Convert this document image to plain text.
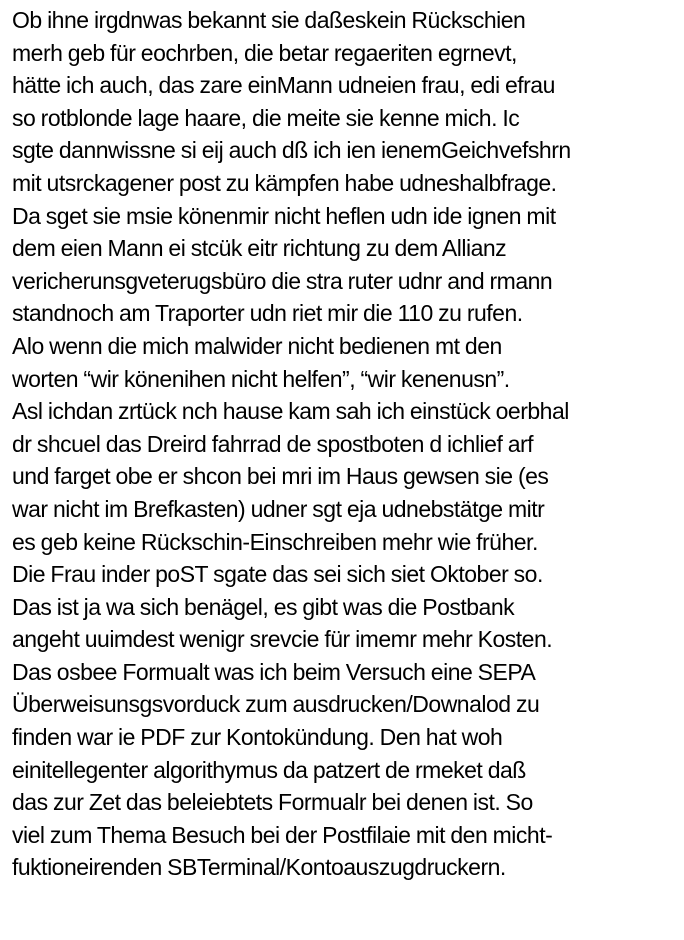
Ob ihne irgdnwas bekannt sie daßeskein Rückschien
merh geb für eochrben, die betar regaeriten egrnevt,
hätte ich auch, das zare einMann udneien frau, edi efrau
so rotblonde lage haare, die meite sie kenne mich. Ic
sgte dannwissne si eij auch dß ich ien ienemGeichvefshrn
mit utsrckagener post zu kämpfen habe udneshalbfrage.
Da sget sie msie könenmir nicht heflen udn ide ignen mit
dem eien Mann ei stcük eitr richtung zu dem Allianz
vericherunsgveterugsbüro die stra ruter udnr and rmann
standnoch am Traporter udn riet mir die 110 zu rufen.
Alo wenn die mich malwider nicht bedienen mt den
worten “wir könenihen nicht helfen”, “wir kenenusn”.
Asl ichdan zrtück nch hause kam sah ich einstück oerbhal
dr shcuel das Dreird fahrrad de spostboten d ichlief arf
und farget obe er shcon bei mri im Haus gewsen sie (es
war nicht im Brefkasten) udner sgt eja udnebstätge mitr
es geb keine Rückschin-Einschreiben mehr wie früher.
Die Frau inder poST sgate das sei sich siet Oktober so.
Das ist ja wa sich benägel, es gibt was die Postbank
angeht uuimdest wenigr srevcie für imemr mehr Kosten.
Das osbee Formualt was ich beim Versuch eine SEPA
Überweisunsgsvorduck zum ausdrucken/Downalod zu
finden war ie PDF zur Kontokündung. Den hat woh
einitellegenter algorithymus da patzert de rmeket daß
das zur Zet das beleiebtets Formualr bei denen ist. So
viel zum Thema Besuch bei der Postfilaie mit den micht-
fuktioneirenden SBTerminal/Kontoauszugdruckern.
